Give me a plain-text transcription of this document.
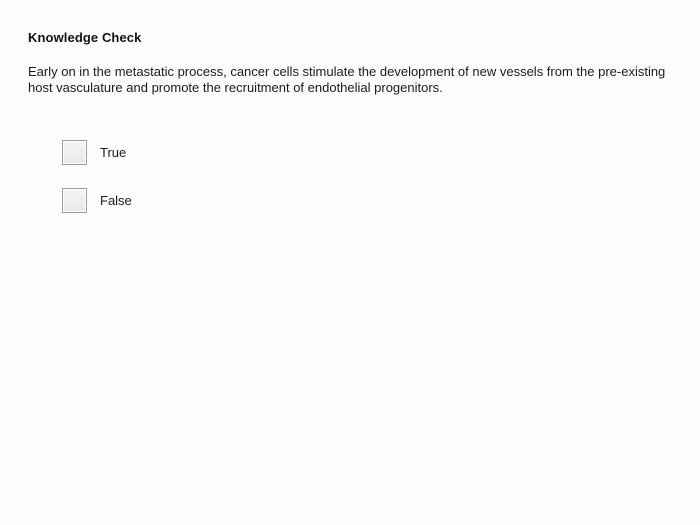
Knowledge Check
Early on in the metastatic process, cancer cells stimulate the development of new vessels from the pre-existing host vasculature and promote the recruitment of endothelial progenitors.
True
False
